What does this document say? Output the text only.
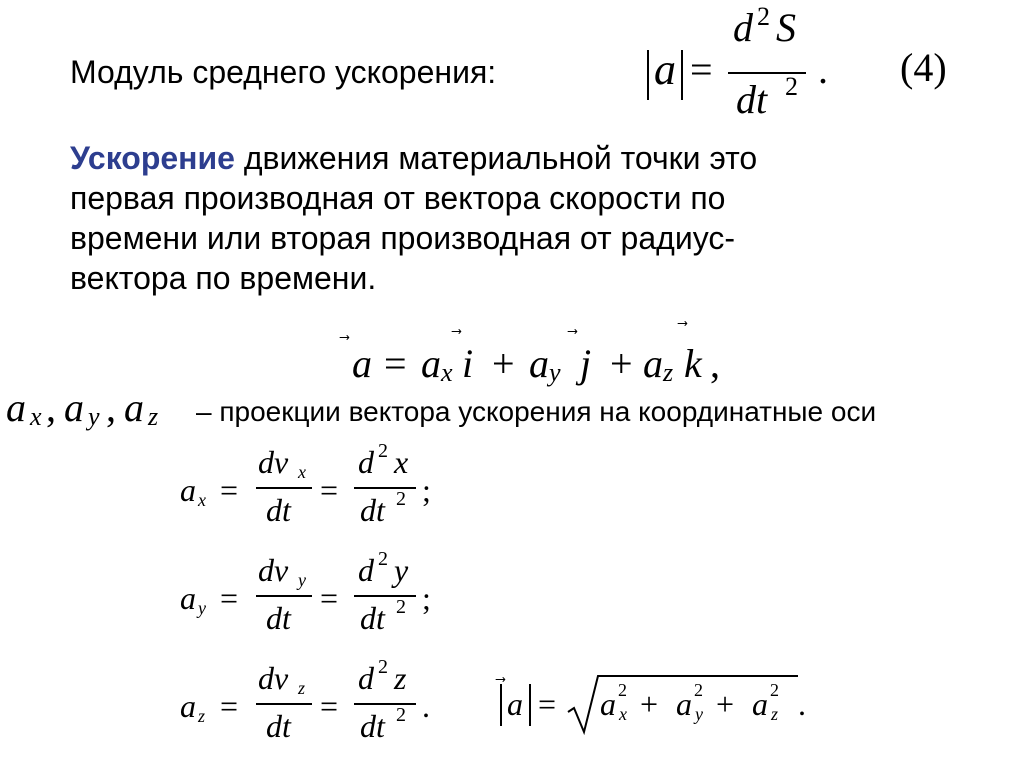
Модуль среднего ускорения:	a =
d 2 S
dt 2 . (4)
Ускорение движения материальной точки это
первая производная от вектора скорости по
времени или вторая производная от радиус-
вектора по времени.
a = a x i + a y j + a z k ,
a x , a y , a z – проекции вектора ускорения на координатные оси
a x =
dv x
dt
=
d 2 x
dt 2 ;
a y =
dv y
dt
=
d 2 y
dt 2 ;
a z =
dv z
dt
=
d 2 z
dt 2 . a = a 2
x + a 2
y + a 2
z .
